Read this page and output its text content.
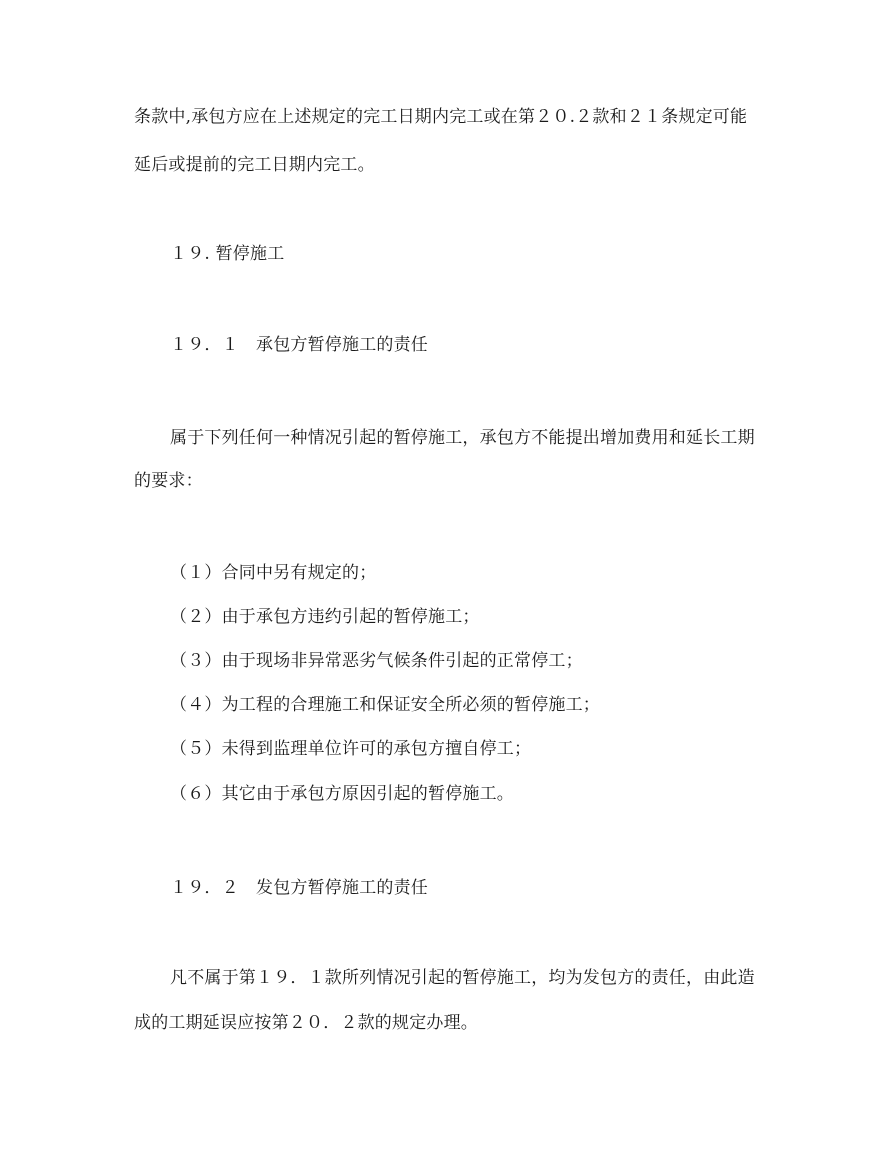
条款中,承包方应在上述规定的完工日期内完工或在第２０.２款和２１条规定可能
延后或提前的完工日期内完工。
１９. 暂停施工
１９．１　承包方暂停施工的责任
属于下列任何一种情况引起的暂停施工，承包方不能提出增加费用和延长工期
的要求：
（１）合同中另有规定的；
（２）由于承包方违约引起的暂停施工；
（３）由于现场非异常恶劣气候条件引起的正常停工；
（４）为工程的合理施工和保证安全所必须的暂停施工；
（５）未得到监理单位许可的承包方擅自停工；
（６）其它由于承包方原因引起的暂停施工。
１９．２　发包方暂停施工的责任
凡不属于第１９．１款所列情况引起的暂停施工，均为发包方的责任，由此造
成的工期延误应按第２０．２款的规定办理。
